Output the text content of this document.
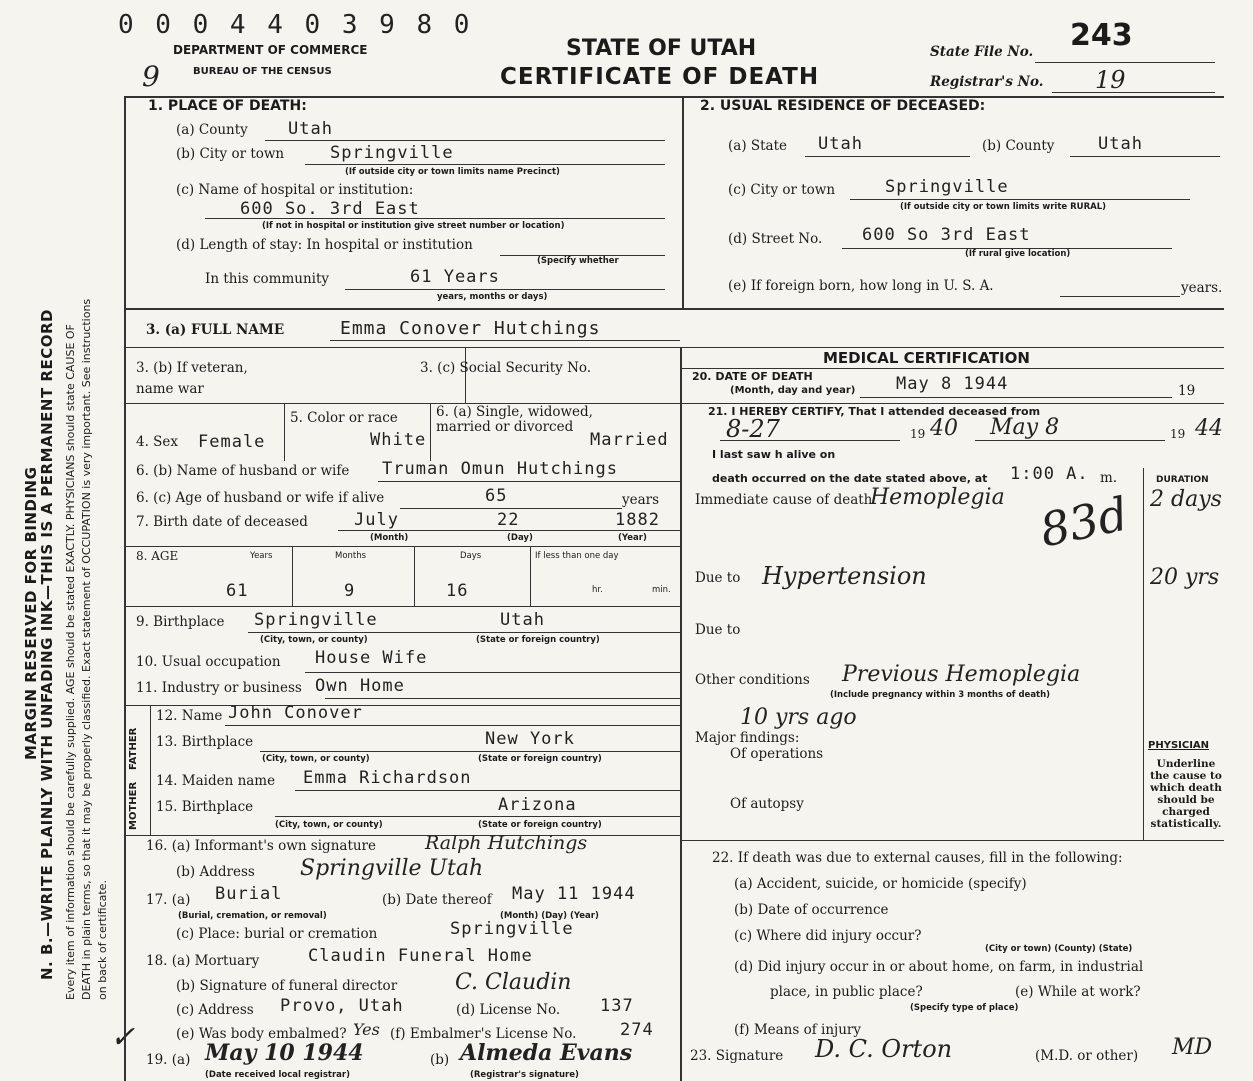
N. B.—WRITE PLAINLY WITH UNFADING INK—THIS IS A PERMANENT RECORD
MARGIN RESERVED FOR BINDING Every item of information should be carefully supplied. AGE should be stated EXACTLY. PHYSICIANS should state CAUSE OF DEATH in plain terms, so that it may be properly classified. Exact statement of OCCUPATION is very important. See instructions on back of certificate.
✓
0 0 0 4 4 0 3 9 8 0
DEPARTMENT OF COMMERCE
BUREAU OF THE CENSUS
STATE OF UTAH
CERTIFICATE OF DEATH
9
State File No. 243
Registrar's No. 19
1. PLACE OF DEATH:
(a) County Utah
(b) City or town	Springville
(If outside city or town limits name Precinct)
(c) Name of hospital or institution:
600 So. 3rd East
(If not in hospital or institution give street number or location)
(d) Length of stay: In hospital or institution
(Specify whether
In this community	61 Years
years, months or days)
2. USUAL RESIDENCE OF DECEASED:
(a) State Utah	(b) County	Utah
(c) City or town	Springville
(If outside city or town limits write RURAL)
(d) Street No. 600 So 3rd East
(If rural give location)
(e) If foreign born, how long in U. S. A.	years.
3. (a) FULL NAME	Emma Conover Hutchings
3. (b) If veteran, name war
3. (c) Social Security No.
4. Sex Female
5. Color or race
White
6. (a) Single, widowed, married or divorced
Married
6. (b) Name of husband or wife Truman Omun Hutchings
6. (c) Age of husband or wife if alive	65	years
7. Birth date of deceased	July	22	1882
(Month)	(Day)	(Year)
8. AGE	Years	Months	Days	If less than one day
hr.	min.
61	9	16
9. Birthplace Springville	Utah
(City, town, or county)	(State or foreign country)
10. Usual occupation House Wife
11. Industry or business Own Home
FATHER
MOTHER
12. Name John Conover
13. Birthplace	New York
(City, town, or county)	(State or foreign country)
14. Maiden name Emma Richardson
15. Birthplace	Arizona
(City, town, or county)	(State or foreign country)
16. (a) Informant's own signature	Ralph Hutchings
(b) Address Springville Utah
17. (a) Burial	(b) Date thereof May 11 1944
(Burial, cremation, or removal)	(Month) (Day) (Year)
(c) Place: burial or cremation	Springville
18. (a) Mortuary	Claudin Funeral Home
(b) Signature of funeral director	C. Claudin
(c) Address Provo, Utah	(d) License No. 137
(e) Was body embalmed? Yes (f) Embalmer's License No.	274
19. (a) May 10 1944	(b) Almeda Evans
(Date received local registrar)	(Registrar's signature)
MEDICAL CERTIFICATION
20. DATE OF DEATH
(Month, day and year) May 8 1944	19
21. I HEREBY CERTIFY, That I attended deceased from
8-27	40 May 8	44
19	19
I last saw h alive on
death occurred on the date stated above, at 1:00 A. m.	DURATION
Immediate cause of death
Hemoplegia	2 days
83d
Due to Hypertension	20 yrs
Due to
Other conditions Previous Hemoplegia
(Include pregnancy within 3 months of death)
10 yrs ago
Major findings:
Of operations
Of autopsy
PHYSICIAN
Underline the cause to which death should be charged statistically.
22. If death was due to external causes, fill in the following:
(a) Accident, suicide, or homicide (specify)
(b) Date of occurrence
(c) Where did injury occur?
(City or town) (County) (State)
(d) Did injury occur in or about home, on farm, in industrial
place, in public place?	(e) While at work?
(Specify type of place)
(f) Means of injury
23. Signature D. C. Orton	(M.D. or other) MD
